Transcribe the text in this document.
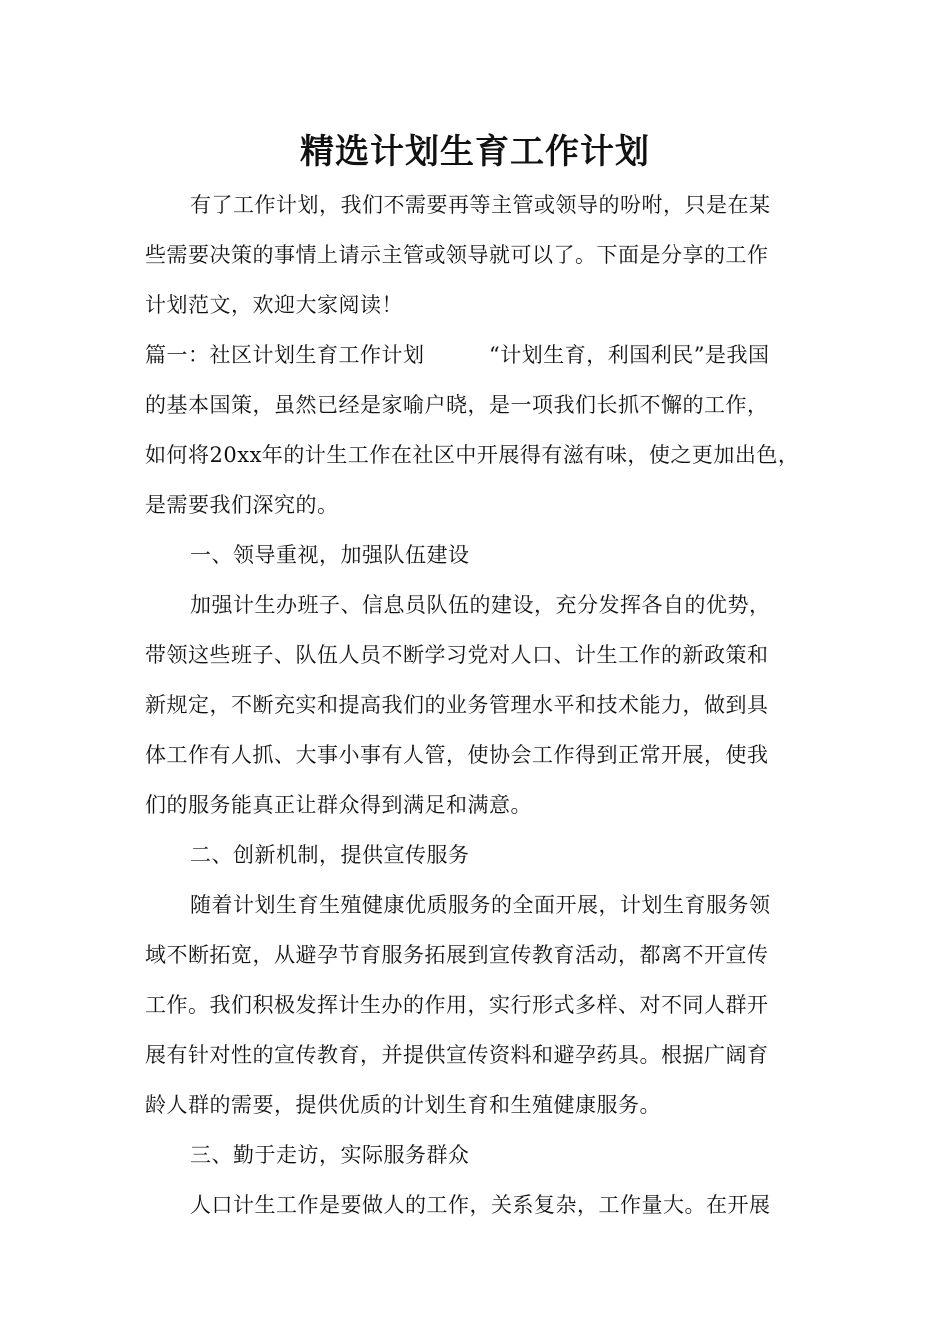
精选计划生育工作计划
有了工作计划，我们不需要再等主管或领导的吩咐，只是在某
些需要决策的事情上请示主管或领导就可以了。下面是分享的工作
计划范文，欢迎大家阅读！
篇一：社区计划生育工作计划　　　“计划生育，利国利民”是我国
的基本国策，虽然已经是家喻户晓，是一项我们长抓不懈的工作，
如何将20xx年的计生工作在社区中开展得有滋有味，使之更加出色，
是需要我们深究的。
一、领导重视，加强队伍建设
加强计生办班子、信息员队伍的建设，充分发挥各自的优势，
带领这些班子、队伍人员不断学习党对人口、计生工作的新政策和
新规定，不断充实和提高我们的业务管理水平和技术能力，做到具
体工作有人抓、大事小事有人管，使协会工作得到正常开展，使我
们的服务能真正让群众得到满足和满意。
二、创新机制，提供宣传服务
随着计划生育生殖健康优质服务的全面开展，计划生育服务领
域不断拓宽，从避孕节育服务拓展到宣传教育活动，都离不开宣传
工作。我们积极发挥计生办的作用，实行形式多样、对不同人群开
展有针对性的宣传教育，并提供宣传资料和避孕药具。根据广阔育
龄人群的需要，提供优质的计划生育和生殖健康服务。
三、勤于走访，实际服务群众
人口计生工作是要做人的工作，关系复杂，工作量大。在开展
